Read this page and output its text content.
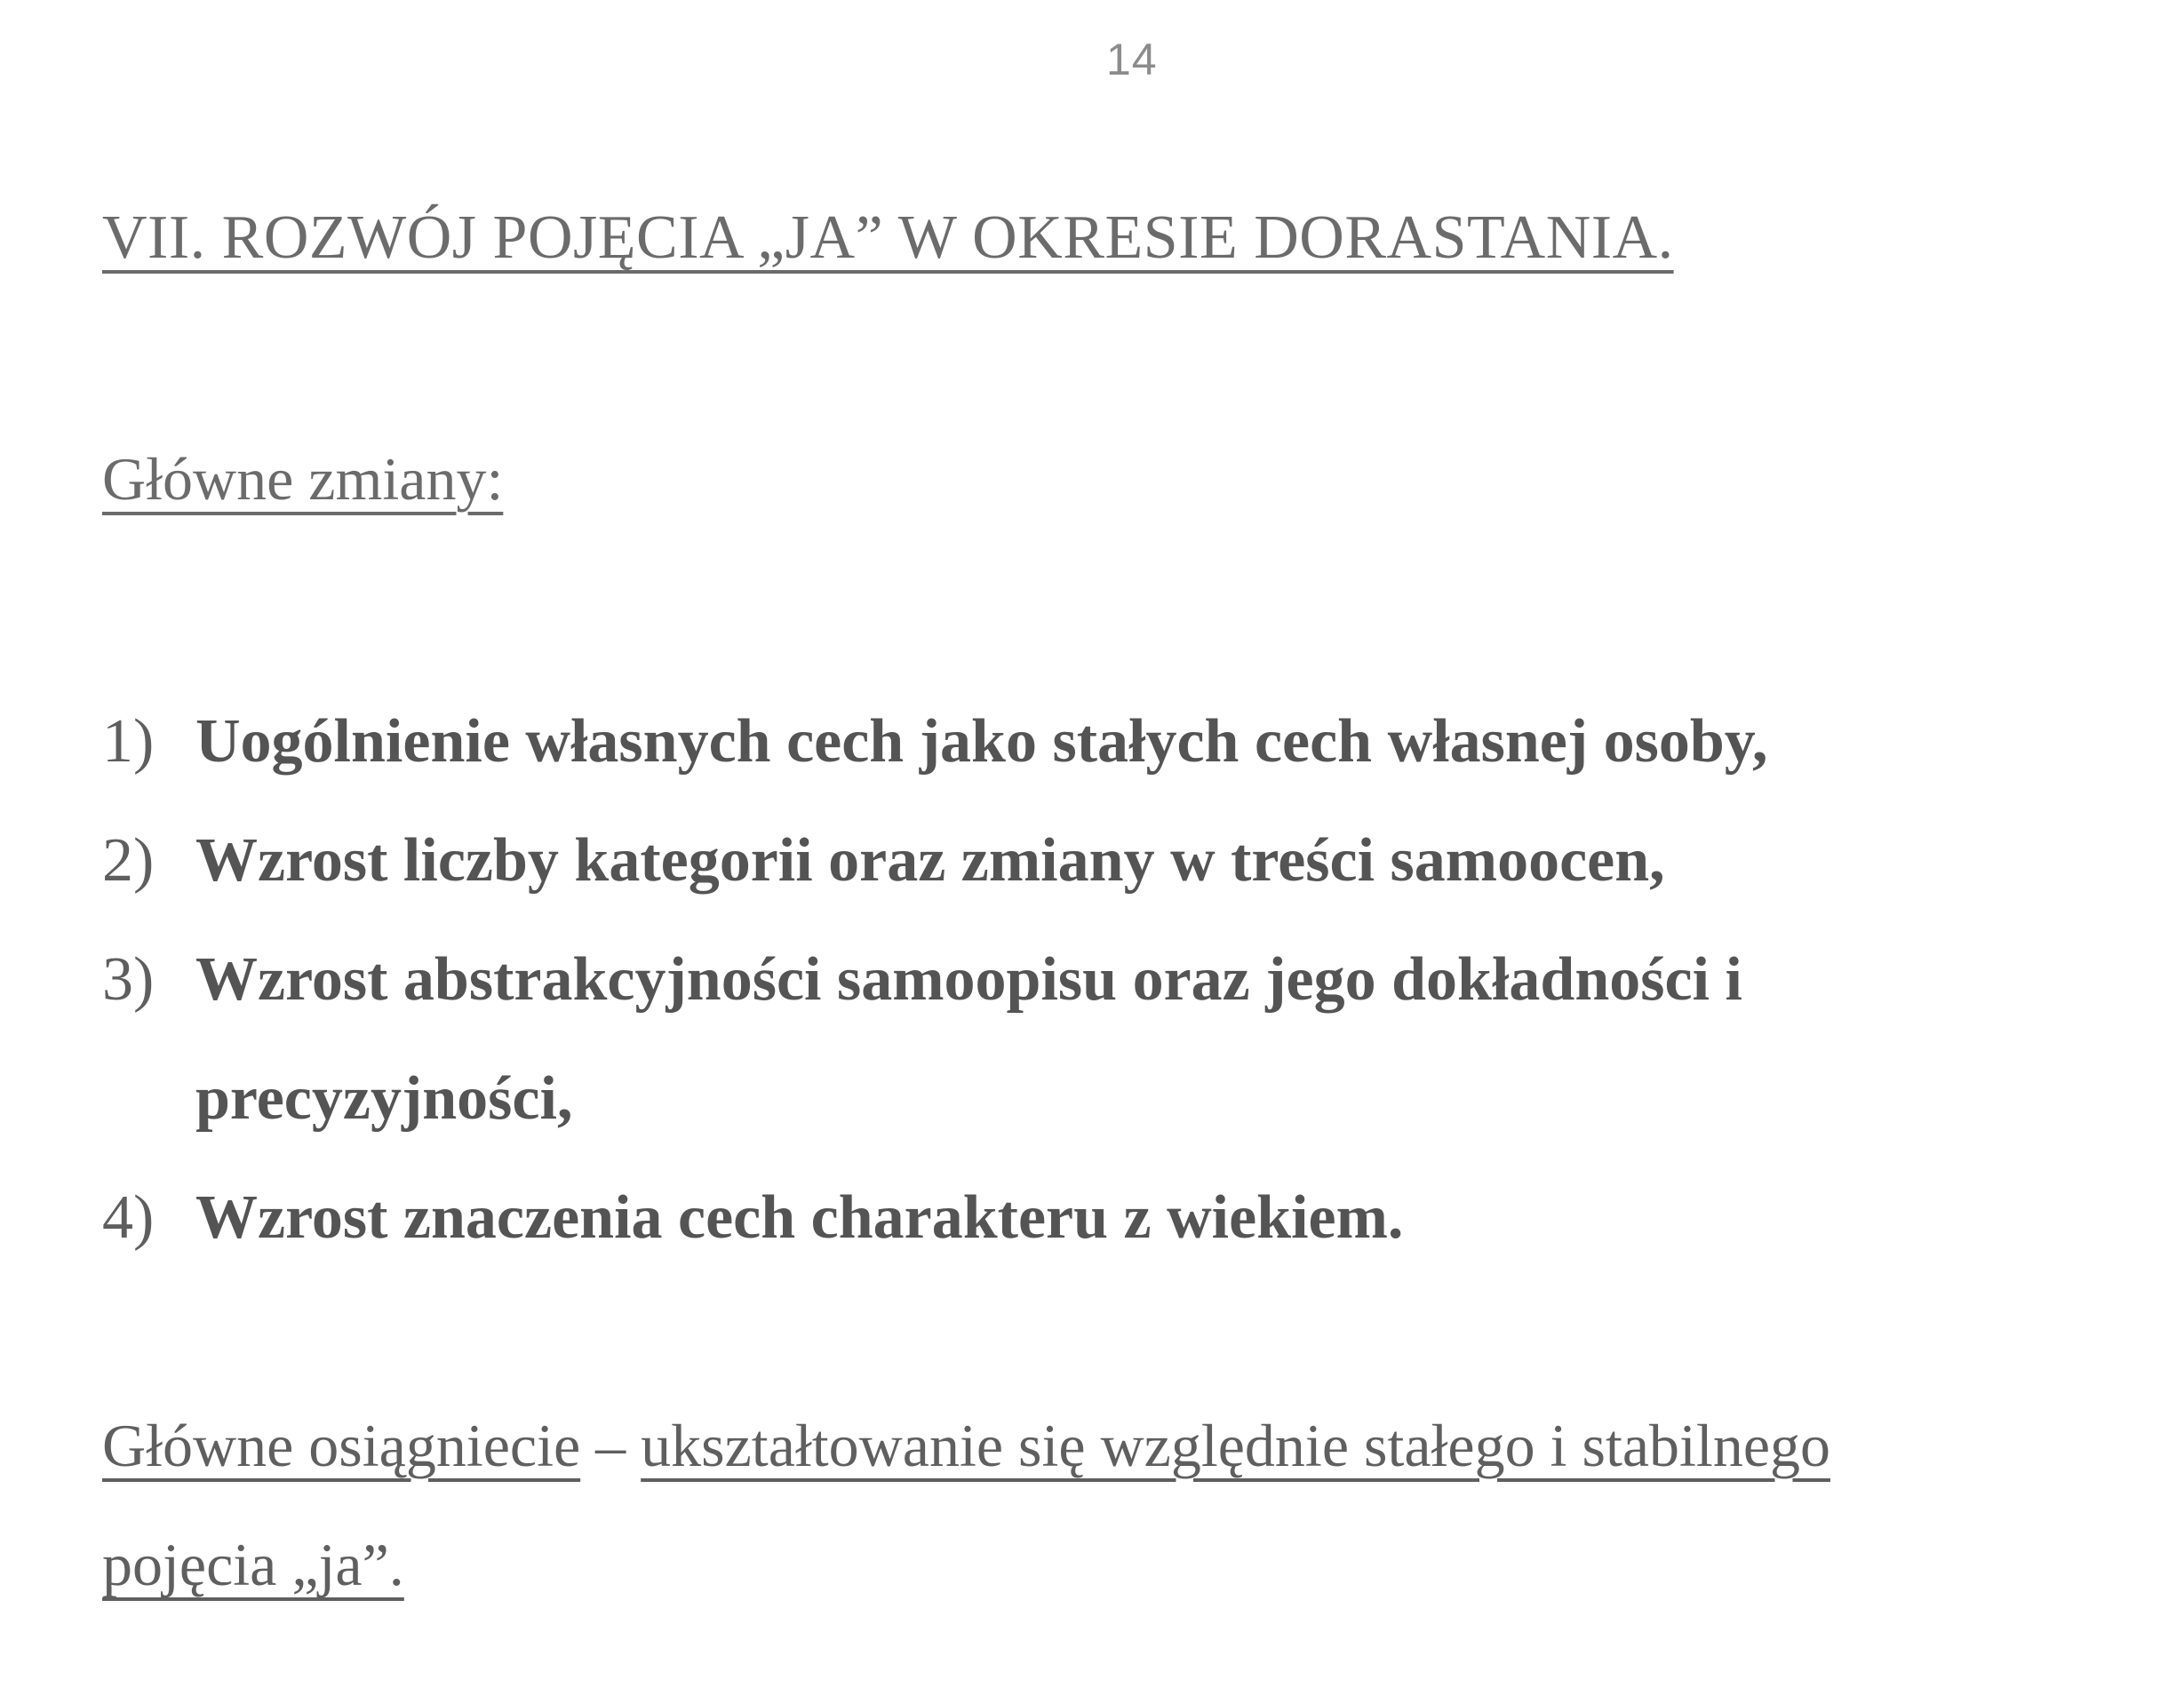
14
VII. ROZWÓJ POJĘCIA „JA” W OKRESIE DORASTANIA.
Główne zmiany:
1) Uogólnienie własnych cech jako stałych cech własnej osoby,
2) Wzrost liczby kategorii oraz zmiany w treści samoocen,
3) Wzrost abstrakcyjności samoopisu oraz jego dokładności i
precyzyjności,
4) Wzrost znaczenia cech charakteru z wiekiem.
Główne osiągniecie – ukształtowanie się względnie stałego i stabilnego
pojęcia „ja”.
